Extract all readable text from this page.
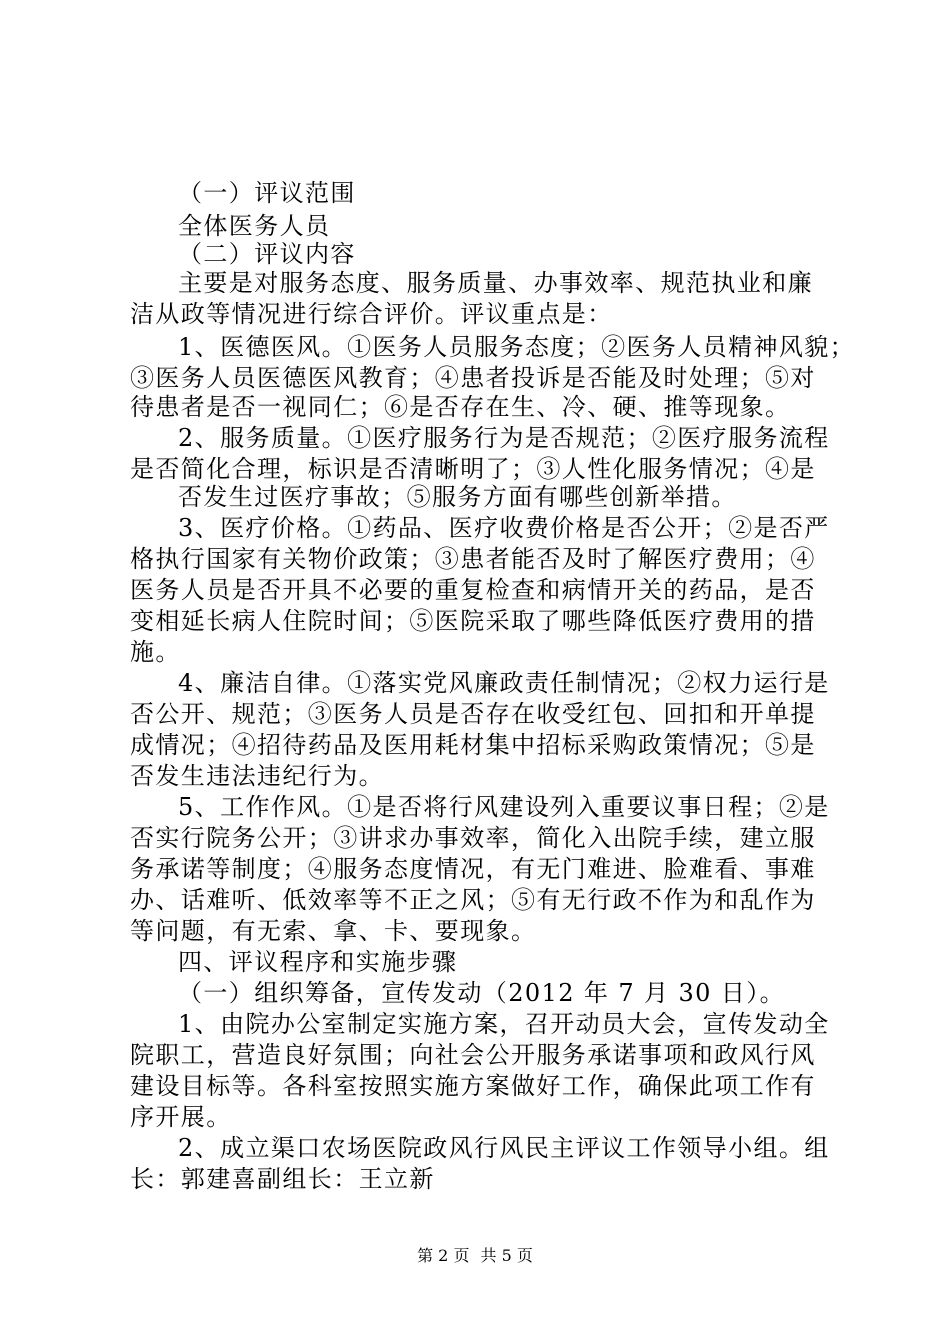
（一）评议范围
全体医务人员
（二）评议内容
主要是对服务态度、服务质量、办事效率、规范执业和廉
洁从政等情况进行综合评价。评议重点是：
1、医德医风。①医务人员服务态度；②医务人员精神风貌；
③医务人员医德医风教育；④患者投诉是否能及时处理；⑤对
待患者是否一视同仁；⑥是否存在生、冷、硬、推等现象。
2、服务质量。①医疗服务行为是否规范；②医疗服务流程
是否简化合理，标识是否清晰明了；③人性化服务情况；④是
否发生过医疗事故；⑤服务方面有哪些创新举措。
3、医疗价格。①药品、医疗收费价格是否公开；②是否严
格执行国家有关物价政策；③患者能否及时了解医疗费用；④
医务人员是否开具不必要的重复检查和病情开关的药品，是否
变相延长病人住院时间；⑤医院采取了哪些降低医疗费用的措
施。
4、廉洁自律。①落实党风廉政责任制情况；②权力运行是
否公开、规范；③医务人员是否存在收受红包、回扣和开单提
成情况；④招待药品及医用耗材集中招标采购政策情况；⑤是
否发生违法违纪行为。
5、工作作风。①是否将行风建设列入重要议事日程；②是
否实行院务公开；③讲求办事效率，简化入出院手续，建立服
务承诺等制度；④服务态度情况，有无门难进、脸难看、事难
办、话难听、低效率等不正之风；⑤有无行政不作为和乱作为
等问题，有无索、拿、卡、要现象。
四、评议程序和实施步骤
（一）组织筹备，宣传发动（2012 年 7 月 30 日）。
1、由院办公室制定实施方案，召开动员大会，宣传发动全
院职工，营造良好氛围；向社会公开服务承诺事项和政风行风
建设目标等。各科室按照实施方案做好工作，确保此项工作有
序开展。
2、成立渠口农场医院政风行风民主评议工作领导小组。组
长：郭建喜副组长：王立新
第 2 页 共 5 页
